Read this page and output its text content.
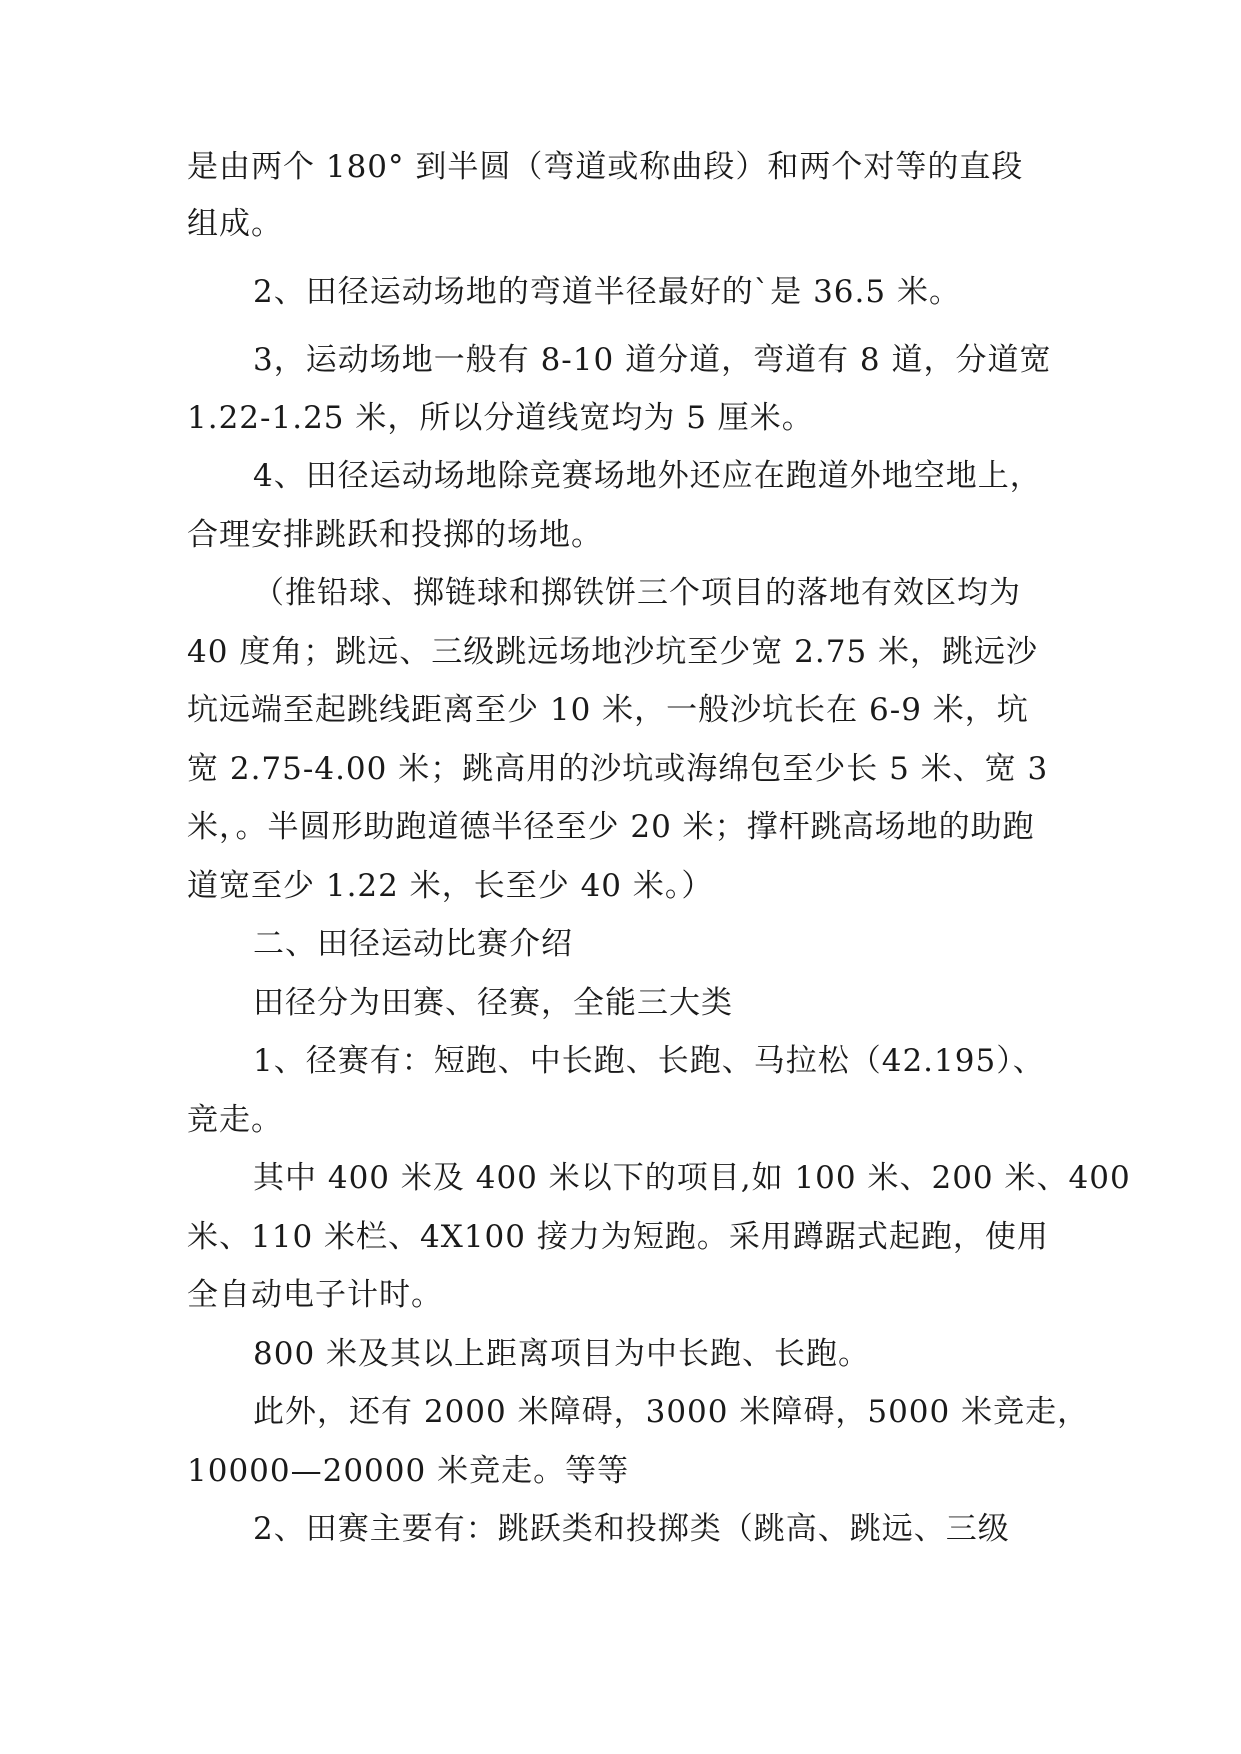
是由两个 180° 到半圆（弯道或称曲段）和两个对等的直段
组成。
2、田径运动场地的弯道半径最好的`是 36.5 米。
3，运动场地一般有 8-10 道分道，弯道有 8 道，分道宽
1.22-1.25 米，所以分道线宽均为 5 厘米。
4、田径运动场地除竞赛场地外还应在跑道外地空地上，
合理安排跳跃和投掷的场地。
（推铅球、掷链球和掷铁饼三个项目的落地有效区均为
40 度角；跳远、三级跳远场地沙坑至少宽 2.75 米，跳远沙
坑远端至起跳线距离至少 10 米，一般沙坑长在 6-9 米，坑
宽 2.75-4.00 米；跳高用的沙坑或海绵包至少长 5 米、宽 3
米，。半圆形助跑道德半径至少 20 米；撑杆跳高场地的助跑
道宽至少 1.22 米，长至少 40 米。）
二、田径运动比赛介绍
田径分为田赛、径赛，全能三大类
1、径赛有：短跑、中长跑、长跑、马拉松（42.195）、
竞走。
其中 400 米及 400 米以下的项目,如 100 米、200 米、400
米、110 米栏、4X100 接力为短跑。采用蹲踞式起跑，使用
全自动电子计时。
800 米及其以上距离项目为中长跑、长跑。
此外，还有 2000 米障碍，3000 米障碍，5000 米竞走，
10000—20000 米竞走。等等
2、田赛主要有：跳跃类和投掷类（跳高、跳远、三级
